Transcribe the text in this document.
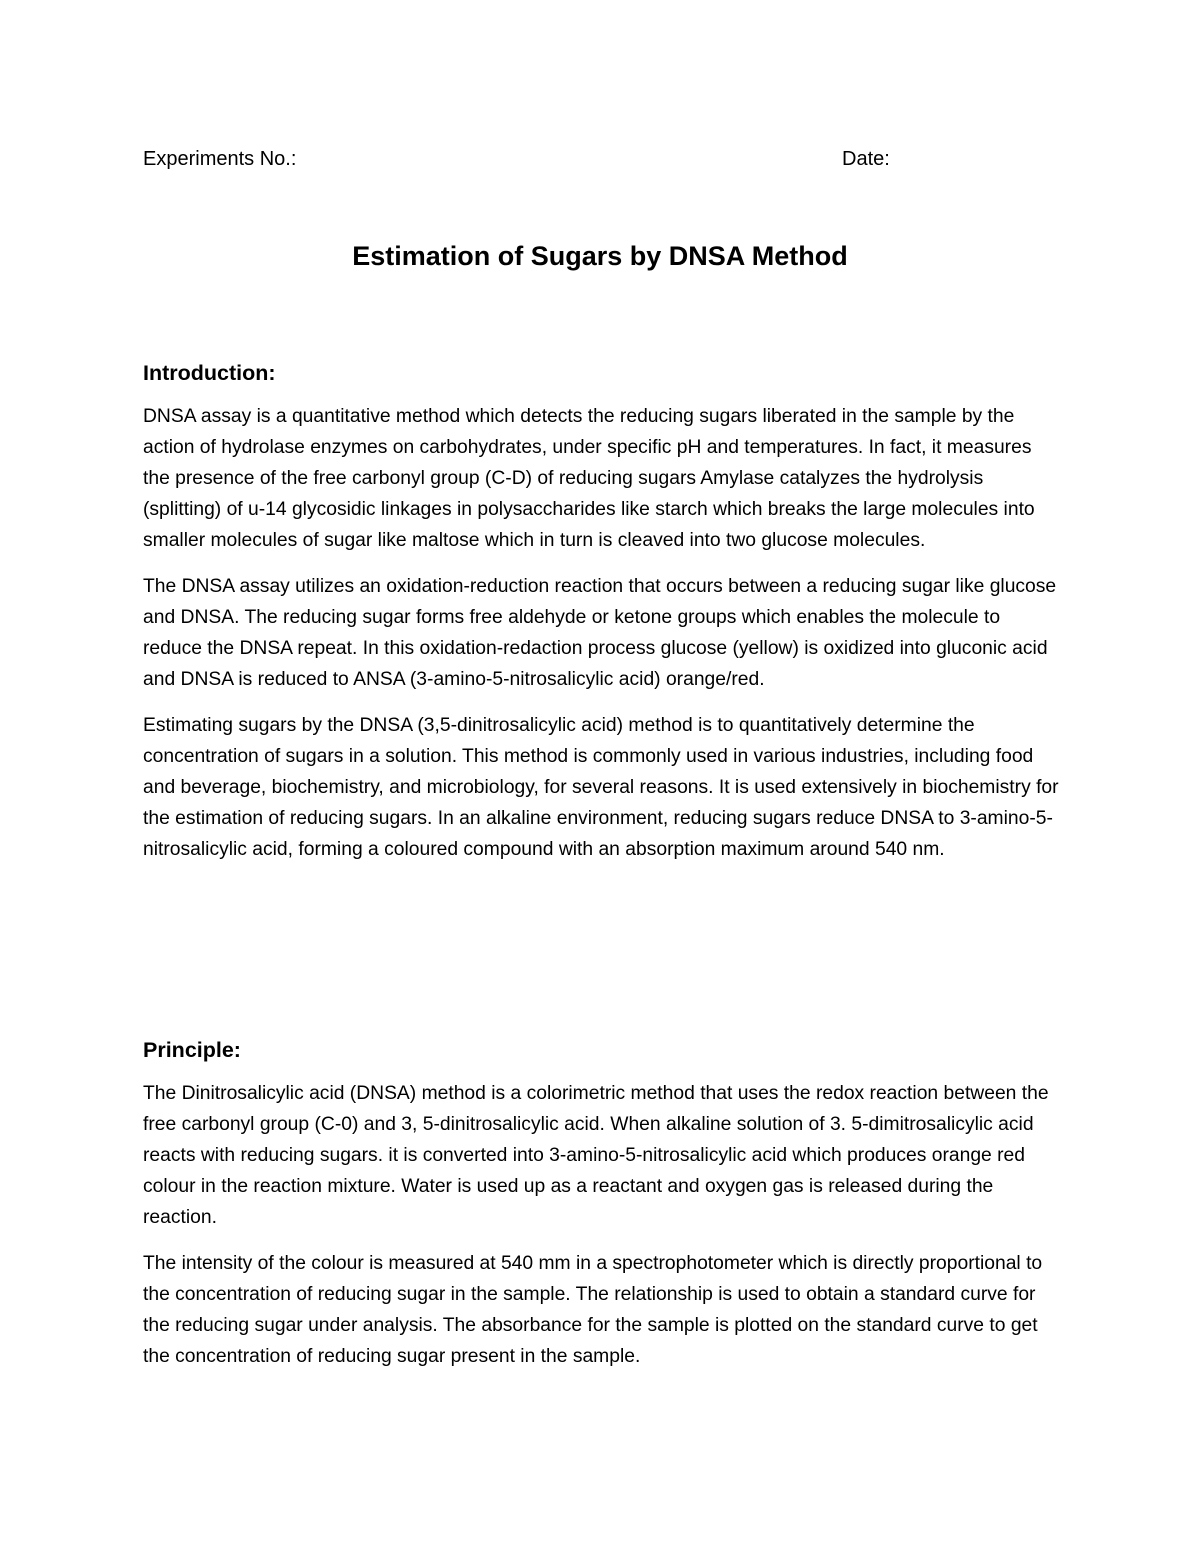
Experiments No.:	Date:
Estimation of Sugars by DNSA Method
Introduction:

DNSA assay is a quantitative method which detects the reducing sugars liberated in the sample by the action of hydrolase enzymes on carbohydrates, under specific pH and temperatures. In fact, it measures the presence of the free carbonyl group (C-D) of reducing sugars Amylase catalyzes the hydrolysis (splitting) of u-14 glycosidic linkages in polysaccharides like starch which breaks the large molecules into smaller molecules of sugar like maltose which in turn is cleaved into two glucose molecules.

The DNSA assay utilizes an oxidation-reduction reaction that occurs between a reducing sugar like glucose and DNSA. The reducing sugar forms free aldehyde or ketone groups which enables the molecule to reduce the DNSA repeat. In this oxidation-redaction process glucose (yellow) is oxidized into gluconic acid and DNSA is reduced to ANSA (3-amino-5-nitrosalicylic acid) orange/red.

Estimating sugars by the DNSA (3,5-dinitrosalicylic acid) method is to quantitatively determine the concentration of sugars in a solution. This method is commonly used in various industries, including food and beverage, biochemistry, and microbiology, for several reasons. It is used extensively in biochemistry for the estimation of reducing sugars. In an alkaline environment, reducing sugars reduce DNSA to 3-amino-5-nitrosalicylic acid, forming a coloured compound with an absorption maximum around 540 nm.

Principle:

The Dinitrosalicylic acid (DNSA) method is a colorimetric method that uses the redox reaction between the free carbonyl group (C-0) and 3, 5-dinitrosalicylic acid. When alkaline solution of 3. 5-dimitrosalicylic acid reacts with reducing sugars. it is converted into 3-amino-5-nitrosalicylic acid which produces orange red colour in the reaction mixture. Water is used up as a reactant and oxygen gas is released during the reaction.

The intensity of the colour is measured at 540 mm in a spectrophotometer which is directly proportional to the concentration of reducing sugar in the sample. The relationship is used to obtain a standard curve for the reducing sugar under analysis. The absorbance for the sample is plotted on the standard curve to get the concentration of reducing sugar present in the sample.
